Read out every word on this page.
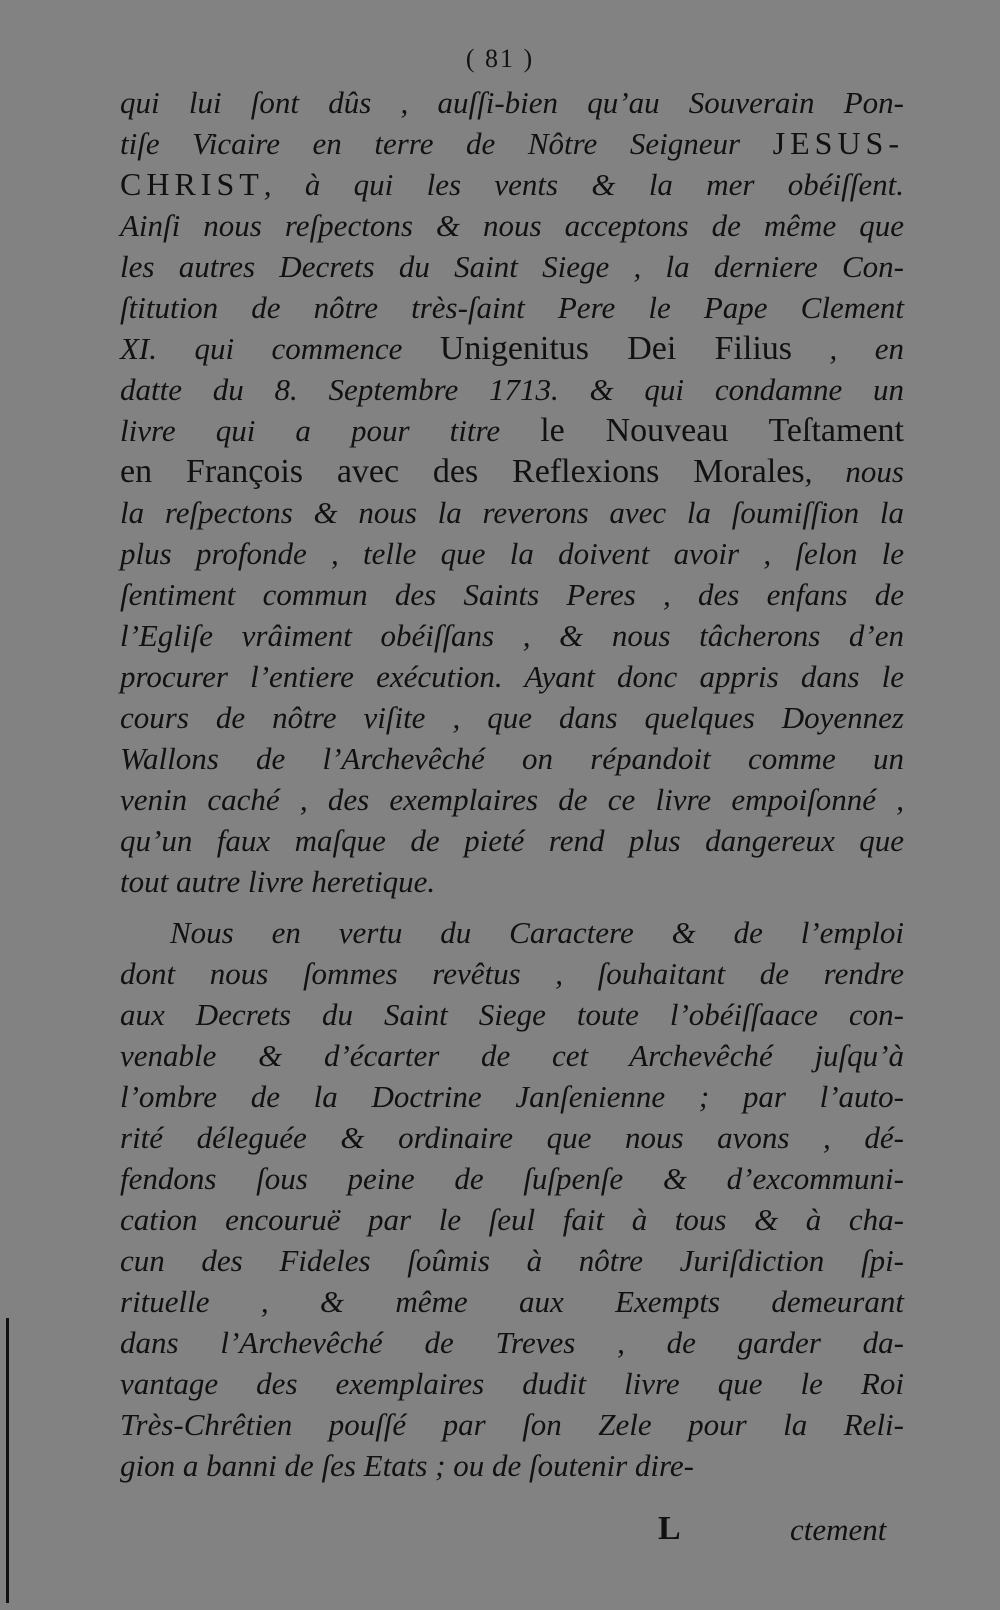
( 81 )
qui lui ſont dûs , auſſi-bien qu’au Souverain Pon-
tiſe Vicaire en terre de Nôtre Seigneur JESUS-
CHRIST, à qui les vents & la mer obéiſſent.
Ainſi nous reſpectons & nous acceptons de même que
les autres Decrets du Saint Siege , la derniere Con-
ſtitution de nôtre très-ſaint Pere le Pape Clement
XI. qui commence Unigenitus Dei Filius , en
datte du 8. Septembre 1713. & qui condamne un
livre qui a pour titre le Nouveau Teſtament
en François avec des Reflexions Morales, nous
la reſpectons & nous la reverons avec la ſoumiſſion la
plus profonde , telle que la doivent avoir , ſelon le
ſentiment commun des Saints Peres , des enfans de
l’Egliſe vrâiment obéiſſans , & nous tâcherons d’en
procurer l’entiere exécution. Ayant donc appris dans le
cours de nôtre viſite , que dans quelques Doyennez
Wallons de l’Archevêché on répandoit comme un
venin caché , des exemplaires de ce livre empoiſonné ,
qu’un faux maſque de pieté rend plus dangereux que
tout autre livre heretique.
Nous en vertu du Caractere & de l’emploi
dont nous ſommes revêtus , ſouhaitant de rendre
aux Decrets du Saint Siege toute l’obéiſſaace con-
venable & d’écarter de cet Archevêché juſqu’à
l’ombre de la Doctrine Janſenienne ; par l’auto-
rité déleguée & ordinaire que nous avons , dé-
fendons ſous peine de ſuſpenſe & d’excommuni-
cation encouruë par le ſeul fait à tous & à cha-
cun des Fideles ſoûmis à nôtre Juriſdiction ſpi-
rituelle , & même aux Exempts demeurant
dans l’Archevêché de Treves , de garder da-
vantage des exemplaires dudit livre que le Roi
Très-Chrêtien pouſſé par ſon Zele pour la Reli-
gion a banni de ſes Etats ; ou de ſoutenir dire-
L	ctement
